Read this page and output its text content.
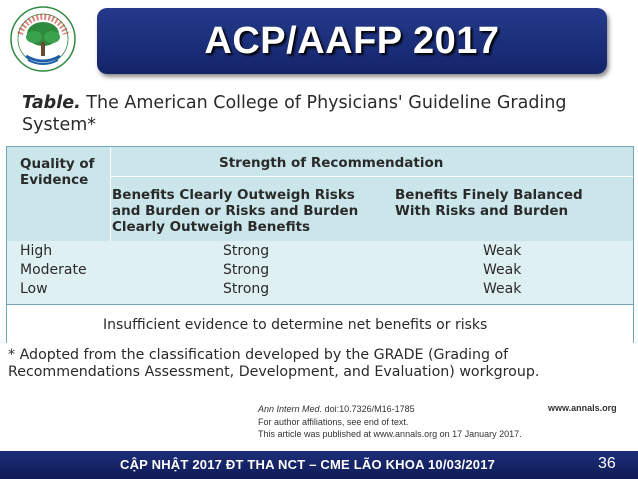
ACP/AAFP 2017
Table. The American College of Physicians' Guideline Grading System*
Quality of
Evidence
Strength of Recommendation
Benefits Clearly Outweigh Risks
and Burden or Risks and Burden
Clearly Outweigh Benefits
Benefits Finely Balanced
With Risks and Burden
High	Strong	Weak
Moderate	Strong	Weak
Low	Strong	Weak
Insufficient evidence to determine net benefits or risks
* Adopted from the classification developed by the GRADE (Grading of Recommendations Assessment, Development, and Evaluation) workgroup.
Ann Intern Med. doi:10.7326/M16-1785
For author affiliations, see end of text.
This article was published at www.annals.org on 17 January 2017.
www.annals.org
CẬP NHẬT 2017 ĐT THA NCT – CME LÃO KHOA 10/03/2017	36
